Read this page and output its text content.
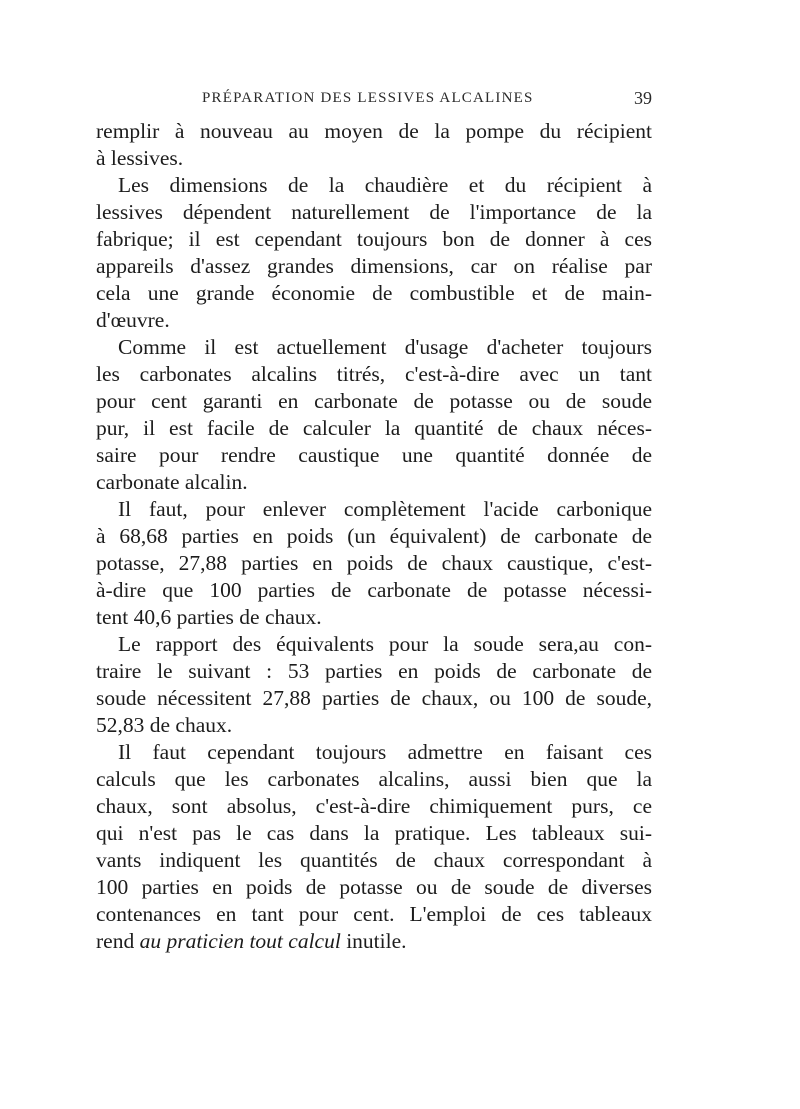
PRÉPARATION DES LESSIVES ALCALINES	39
remplir à nouveau au moyen de la pompe du récipient
à lessives.
Les dimensions de la chaudière et du récipient à
lessives dépendent naturellement de l'importance de la
fabrique; il est cependant toujours bon de donner à ces
appareils d'assez grandes dimensions, car on réalise par
cela une grande économie de combustible et de main-
d'œuvre.
Comme il est actuellement d'usage d'acheter toujours
les carbonates alcalins titrés, c'est-à-dire avec un tant
pour cent garanti en carbonate de potasse ou de soude
pur, il est facile de calculer la quantité de chaux néces-
saire pour rendre caustique une quantité donnée de
carbonate alcalin.
Il faut, pour enlever complètement l'acide carbonique
à 68,68 parties en poids (un équivalent) de carbonate de
potasse, 27,88 parties en poids de chaux caustique, c'est-
à-dire que 100 parties de carbonate de potasse nécessi-
tent 40,6 parties de chaux.
Le rapport des équivalents pour la soude sera,au con-
traire le suivant : 53 parties en poids de carbonate de
soude nécessitent 27,88 parties de chaux, ou 100 de soude,
52,83 de chaux.
Il faut cependant toujours admettre en faisant ces
calculs que les carbonates alcalins, aussi bien que la
chaux, sont absolus, c'est-à-dire chimiquement purs, ce
qui n'est pas le cas dans la pratique. Les tableaux sui-
vants indiquent les quantités de chaux correspondant à
100 parties en poids de potasse ou de soude de diverses
contenances en tant pour cent. L'emploi de ces tableaux
rend au praticien tout calcul inutile.
